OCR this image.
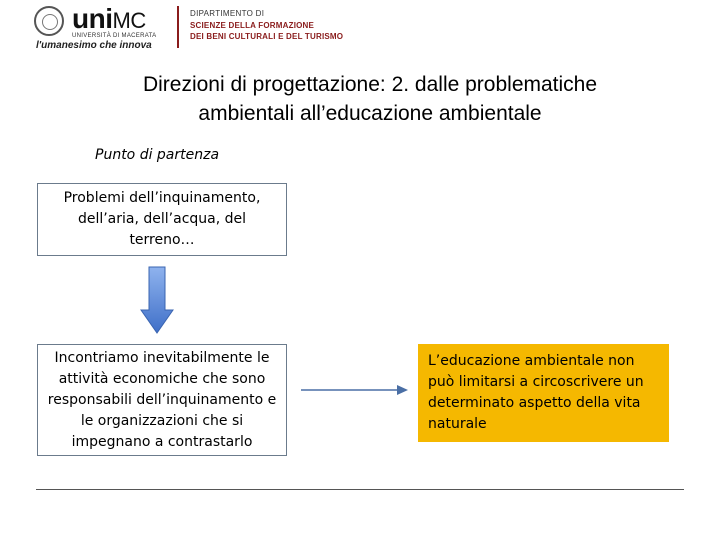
uniMC
UNIVERSITÀ DI MACERATA
l'umanesimo che innova
DIPARTIMENTO DI
SCIENZE DELLA FORMAZIONE
DEI BENI CULTURALI E DEL TURISMO
Direzioni di progettazione: 2. dalle problematiche
ambientali all’educazione ambientale
Punto di partenza
Problemi dell’inquinamento, dell’aria, dell’acqua, del terreno…
Incontriamo inevitabilmente le attività economiche che sono responsabili dell’inquinamento e le organizzazioni che si impegnano a contrastarlo
L’educazione ambientale non può limitarsi a circoscrivere un determinato aspetto della vita naturale
